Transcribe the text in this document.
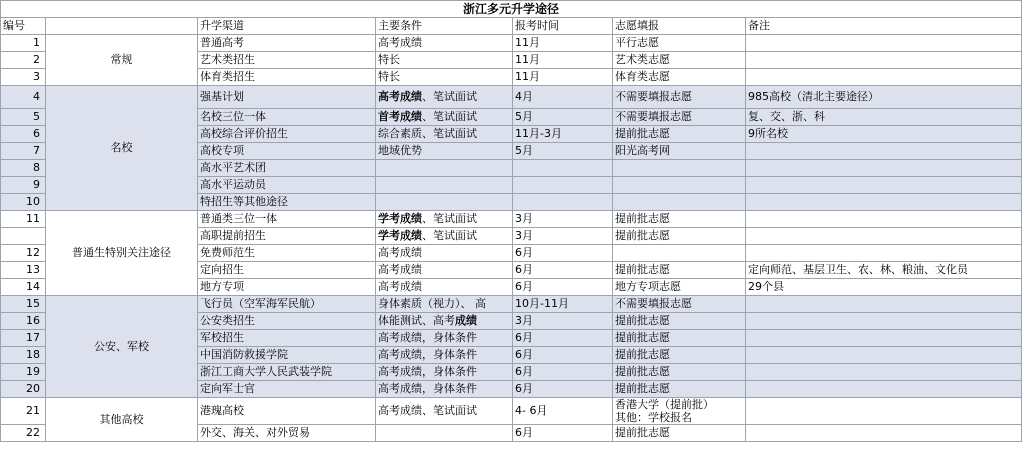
浙江多元升学途径						
编号		升学渠道	主要条件	报考时间	志愿填报	备注
1	常规	普通高考	高考成绩	11月	平行志愿	
2		艺术类招生	特长	11月	艺术类志愿	
3		体育类招生	特长	11月	体育类志愿	
4	名校	强基计划	高考成绩、笔试面试	4月	不需要填报志愿	985高校（清北主要途径）
5		名校三位一体	首考成绩、笔试面试	5月	不需要填报志愿	复、交、浙、科
6		高校综合评价招生	综合素质、笔试面试	11月-3月	提前批志愿	9所名校
7		高校专项	地域优势	5月	阳光高考网	
8		高水平艺术团				
9		高水平运动员				
10		特招生等其他途径				
11	普通生特别关注途径	普通类三位一体	学考成绩、笔试面试	3月	提前批志愿	
		高职提前招生	学考成绩、笔试面试	3月	提前批志愿	
12		免费师范生	高考成绩	6月		
13		定向招生	高考成绩	6月	提前批志愿	定向师范、基层卫生、农、林、粮油、文化员
14		地方专项	高考成绩	6月	地方专项志愿	29个县
15	公安、军校	飞行员（空军海军民航）	身体素质（视力）、 高	10月-11月	不需要填报志愿	
16		公安类招生	体能测试、高考成绩	3月	提前批志愿	
17		军校招生	高考成绩，身体条件	6月	提前批志愿	
18		中国消防救援学院	高考成绩，身体条件	6月	提前批志愿	
19		浙江工商大学人民武装学院	高考成绩，身体条件	6月	提前批志愿	
20		定向军士官	高考成绩，身体条件	6月	提前批志愿	
21	其他高校	港瑰高校	高考成绩、笔试面试	4- 6月	香港大学（提前批）
其他：学校报名	

22		外交、海关、对外贸易		6月	提前批志愿	
